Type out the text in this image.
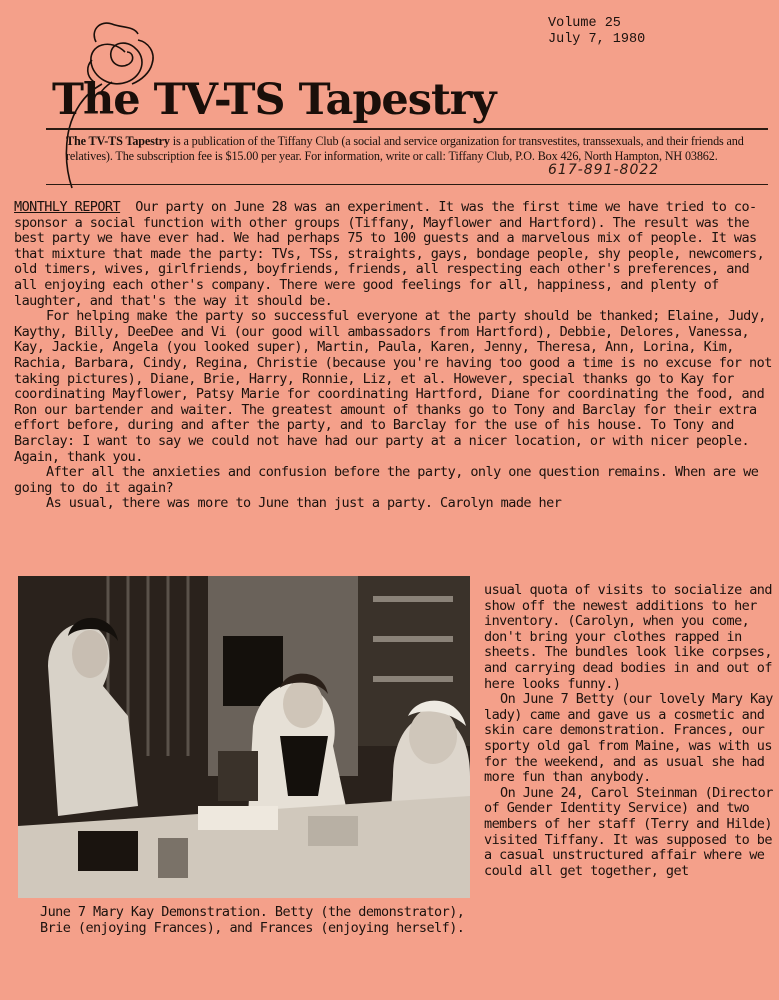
Volume 25
July 7, 1980
The TV-TS Tapestry
The TV-TS Tapestry is a publication of the Tiffany Club (a social and service organization for transvestites, transsexuals, and their friends and relatives). The subscription fee is $15.00 per year. For information, write or call: Tiffany Club, P.O. Box 426, North Hampton, NH 03862.
617-891-8022

MONTHLY REPORT Our party on June 28 was an experiment. It was the first time we have tried to co-sponsor a social function with other groups (Tiffany, Mayflower and Hartford). The result was the best party we have ever had. We had perhaps 75 to 100 guests and a marvelous mix of people. It was that mixture that made the party: TVs, TSs, straights, gays, bondage people, shy people, newcomers, old timers, wives, girlfriends, boyfriends, friends, all respecting each other's preferences, and all enjoying each other's company. There were good feelings for all, happiness, and plenty of laughter, and that's the way it should be.

For helping make the party so successful everyone at the party should be thanked; Elaine, Judy, Kaythy, Billy, DeeDee and Vi (our good will ambassadors from Hartford), Debbie, Delores, Vanessa, Kay, Jackie, Angela (you looked super), Martin, Paula, Karen, Jenny, Theresa, Ann, Lorina, Kim, Rachia, Barbara, Cindy, Regina, Christie (because you're having too good a time is no excuse for not taking pictures), Diane, Brie, Harry, Ronnie, Liz, et al. However, special thanks go to Kay for coordinating Mayflower, Patsy Marie for coordinating Hartford, Diane for coordinating the food, and Ron our bartender and waiter. The greatest amount of thanks go to Tony and Barclay for their extra effort before, during and after the party, and to Barclay for the use of his house. To Tony and Barclay: I want to say we could not have had our party at a nicer location, or with nicer people. Again, thank you.

After all the anxieties and confusion before the party, only one question remains. When are we going to do it again?

As usual, there was more to June than just a party. Carolyn made her

June 7 Mary Kay Demonstration. Betty (the demonstrator), Brie (enjoying Frances), and Frances (enjoying herself).

usual quota of visits to socialize and show off the newest additions to her inventory. (Carolyn, when you come, don't bring your clothes rapped in sheets. The bundles look like corpses, and carrying dead bodies in and out of here looks funny.)

On June 7 Betty (our lovely Mary Kay lady) came and gave us a cosmetic and skin care demonstration. Frances, our sporty old gal from Maine, was with us for the weekend, and as usual she had more fun than anybody.

On June 24, Carol Steinman (Director of Gender Identity Service) and two members of her staff (Terry and Hilde) visited Tiffany. It was supposed to be a casual unstructured affair where we could all get together, get
